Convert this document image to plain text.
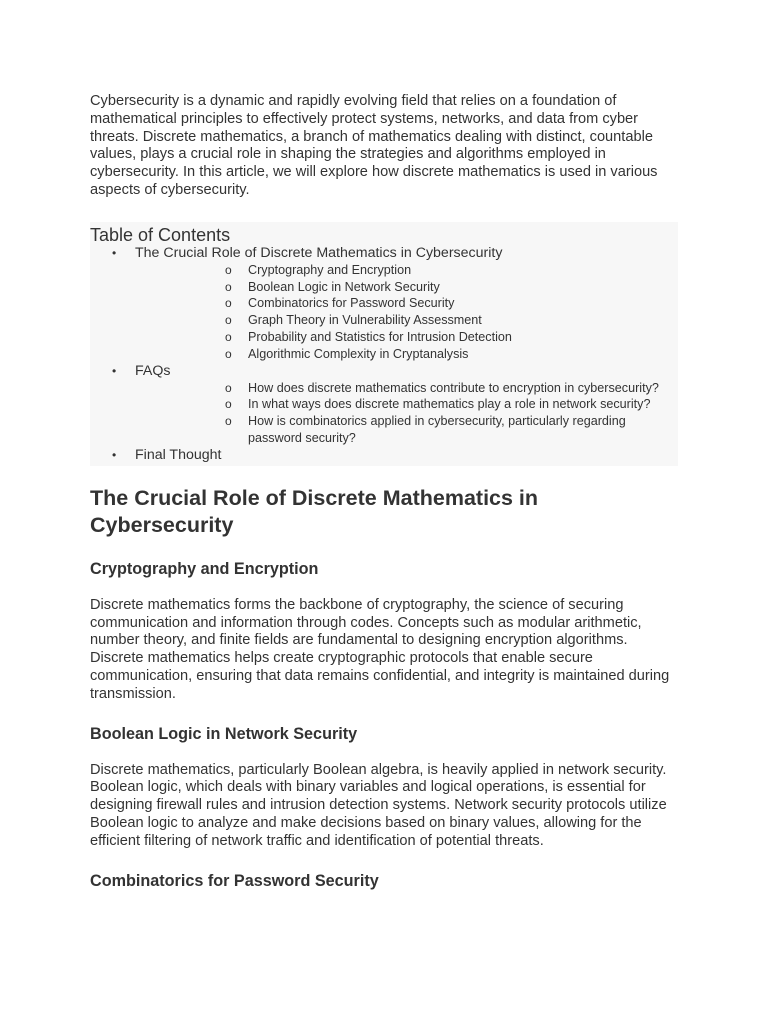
Cybersecurity is a dynamic and rapidly evolving field that relies on a foundation of mathematical principles to effectively protect systems, networks, and data from cyber threats. Discrete mathematics, a branch of mathematics dealing with distinct, countable values, plays a crucial role in shaping the strategies and algorithms employed in cybersecurity. In this article, we will explore how discrete mathematics is used in various aspects of cybersecurity.

Table of Contents
• The Crucial Role of Discrete Mathematics in Cybersecurity
o Cryptography and Encryption
o Boolean Logic in Network Security
o Combinatorics for Password Security
o Graph Theory in Vulnerability Assessment
o Probability and Statistics for Intrusion Detection
o Algorithmic Complexity in Cryptanalysis
• FAQs
o How does discrete mathematics contribute to encryption in cybersecurity?
o In what ways does discrete mathematics play a role in network security?
o How is combinatorics applied in cybersecurity, particularly regarding password security?
• Final Thought
The Crucial Role of Discrete Mathematics in Cybersecurity
Cryptography and Encryption

Discrete mathematics forms the backbone of cryptography, the science of securing communication and information through codes. Concepts such as modular arithmetic, number theory, and finite fields are fundamental to designing encryption algorithms. Discrete mathematics helps create cryptographic protocols that enable secure communication, ensuring that data remains confidential, and integrity is maintained during transmission.

Boolean Logic in Network Security

Discrete mathematics, particularly Boolean algebra, is heavily applied in network security. Boolean logic, which deals with binary variables and logical operations, is essential for designing firewall rules and intrusion detection systems. Network security protocols utilize Boolean logic to analyze and make decisions based on binary values, allowing for the efficient filtering of network traffic and identification of potential threats.

Combinatorics for Password Security
